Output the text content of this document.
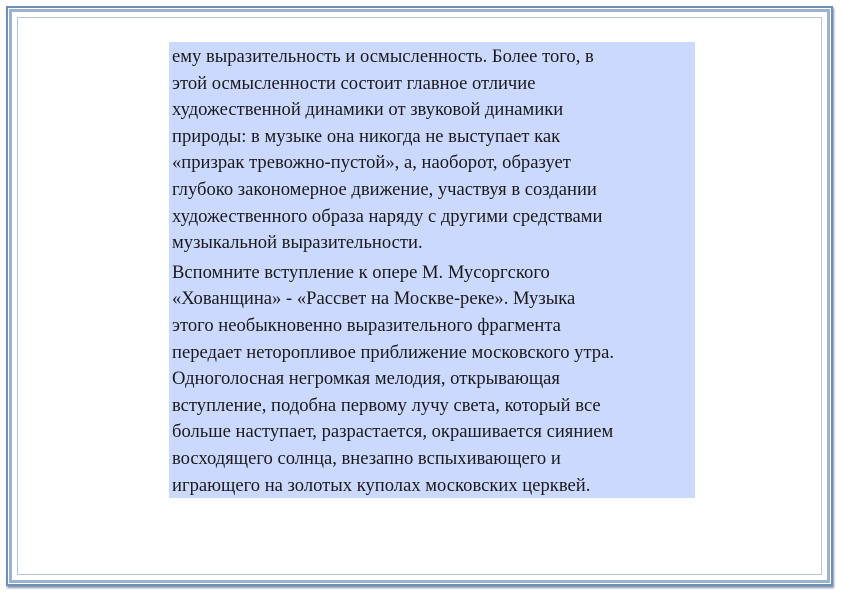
ему выразительность и осмысленность. Более того, в
этой осмысленности состоит главное отличие
художественной динамики от звуковой динамики
природы: в музыке она никогда не выступает как
«призрак тревожно-пустой», а, наоборот, образует
глубоко закономерное движение, участвуя в создании
художественного образа наряду с другими средствами
музыкальной выразительности.

Вспомните вступление к опере М. Мусоргского
«Хованщина» - «Рассвет на Москве-реке». Музыка
этого необыкновенно выразительного фрагмента
передает неторопливое приближение московского утра.
Одноголосная негромкая мелодия, открывающая
вступление, подобна первому лучу света, который все
больше наступает, разрастается, окрашивается сиянием
восходящего солнца, внезапно вспыхивающего и
играющего на золотых куполах московских церквей.
